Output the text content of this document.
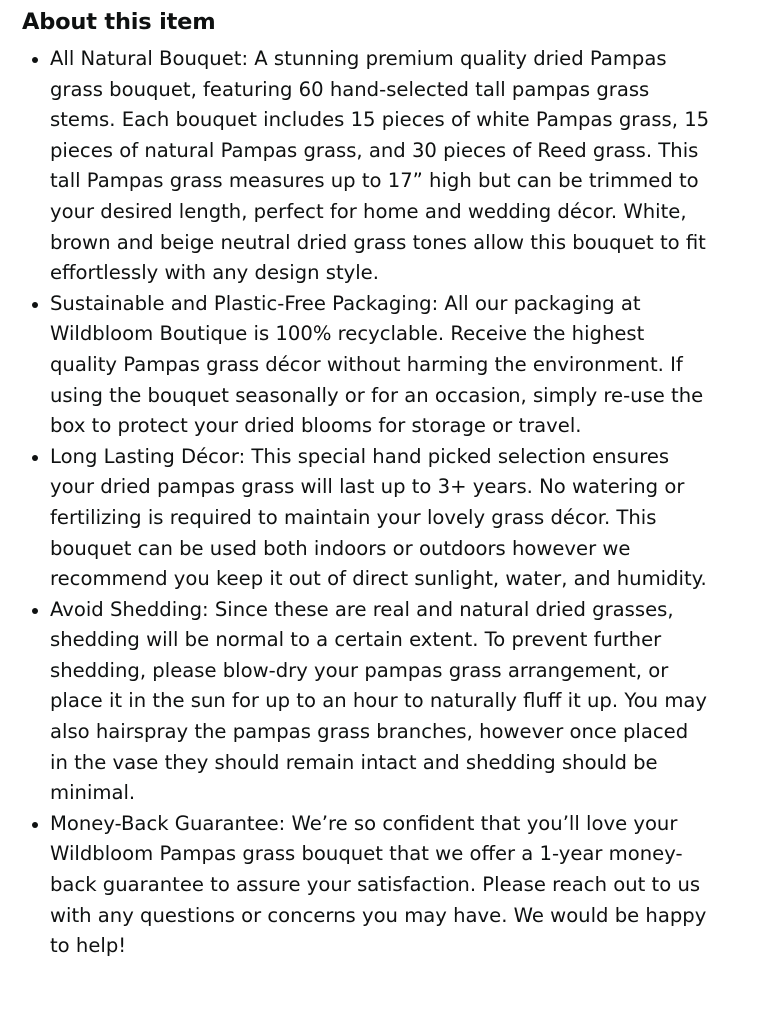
About this item
• All Natural Bouquet: A stunning premium quality dried Pampas grass bouquet, featuring 60 hand-selected tall pampas grass stems. Each bouquet includes 15 pieces of white Pampas grass, 15 pieces of natural Pampas grass, and 30 pieces of Reed grass. This tall Pampas grass measures up to 17” high but can be trimmed to your desired length, perfect for home and wedding décor. White, brown and beige neutral dried grass tones allow this bouquet to fit effortlessly with any design style.
• Sustainable and Plastic-Free Packaging: All our packaging at Wildbloom Boutique is 100% recyclable. Receive the highest quality Pampas grass décor without harming the environment. If using the bouquet seasonally or for an occasion, simply re-use the box to protect your dried blooms for storage or travel.
• Long Lasting Décor: This special hand picked selection ensures your dried pampas grass will last up to 3+ years. No watering or fertilizing is required to maintain your lovely grass décor. This bouquet can be used both indoors or outdoors however we recommend you keep it out of direct sunlight, water, and humidity.
• Avoid Shedding: Since these are real and natural dried grasses, shedding will be normal to a certain extent. To prevent further shedding, please blow-dry your pampas grass arrangement, or place it in the sun for up to an hour to naturally fluff it up. You may also hairspray the pampas grass branches, however once placed in the vase they should remain intact and shedding should be minimal.
• Money-Back Guarantee: We’re so confident that you’ll love your Wildbloom Pampas grass bouquet that we offer a 1-year money-back guarantee to assure your satisfaction. Please reach out to us with any questions or concerns you may have. We would be happy to help!
